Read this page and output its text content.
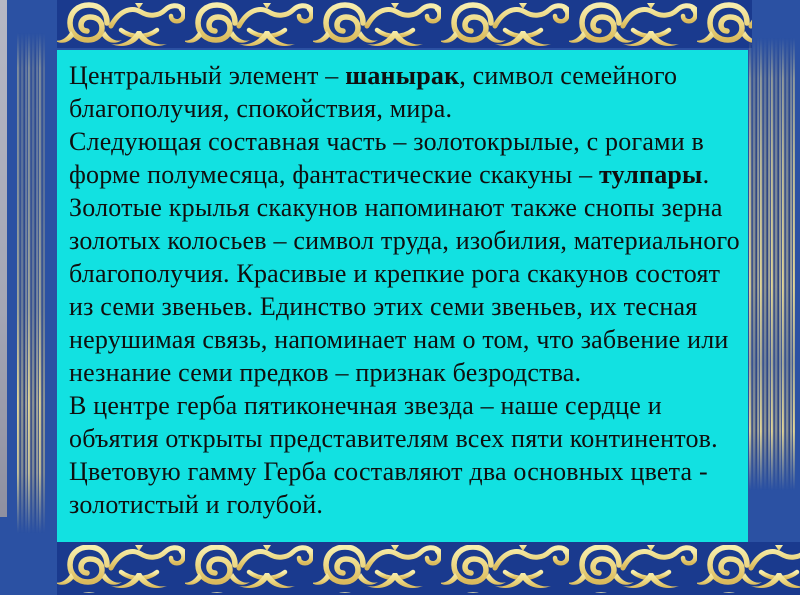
Центральный элемент – шанырак, символ семейного
благополучия, спокойствия, мира.
Следующая составная часть – золотокрылые, с рогами в
форме полумесяца, фантастические скакуны – тулпары.
Золотые крылья скакунов напоминают также снопы зерна
золотых колосьев – символ труда, изобилия, материального
благополучия. Красивые и крепкие рога скакунов состоят
из семи звеньев. Единство этих семи звеньев, их тесная
нерушимая связь, напоминает нам о том, что забвение или
незнание семи предков – признак безродства.
В центре герба пятиконечная звезда – наше сердце и
объятия открыты представителям всех пяти континентов.
Цветовую гамму Герба составляют два основных цвета -
золотистый и голубой.
